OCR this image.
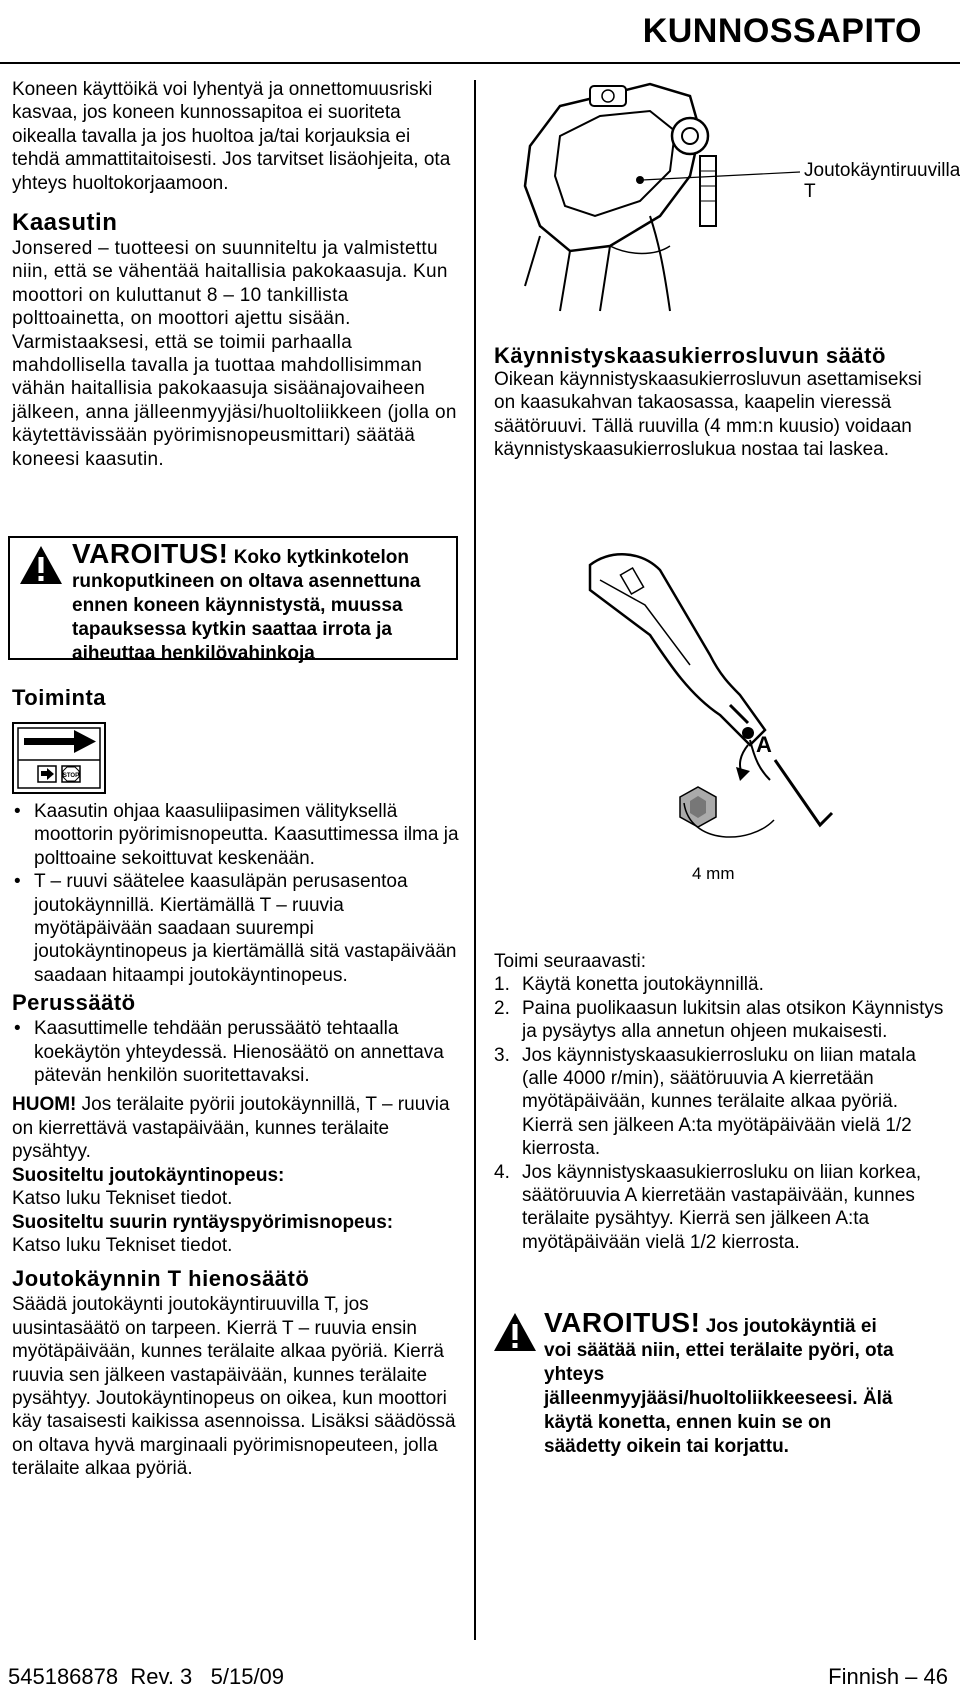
KUNNOSSAPITO

Koneen käyttöikä voi lyhentyä ja onnettomuusriski kasvaa, jos koneen kunnossapitoa ei suoriteta oikealla tavalla ja jos huoltoa ja/tai korjauksia ei tehdä ammattitaitoisesti. Jos tarvitset lisäohjeita, ota yhteys huoltokorjaamoon.

Kaasutin

Jonsered – tuotteesi on suunniteltu ja valmistettu niin, että se vähentää haitallisia pakokaasuja. Kun moottori on kuluttanut 8 – 10 tankillista polttoainetta, on moottori ajettu sisään. Varmistaaksesi, että se toimii parhaalla mahdollisella tavalla ja tuottaa mahdollisimman vähän haitallisia pakokaasuja sisäänajovaiheen jälkeen, anna jälleenmyyjäsi/huoltoliikkeen (jolla on käytettävissään pyörimisnopeusmittari) säätää koneesi kaasutin.

VAROITUS! Koko kytkinkotelon runkoputkineen on oltava asennettuna ennen koneen käynnistystä, muussa tapauksessa kytkin saattaa irrota ja aiheuttaa henkilövahinkoja
Toiminta
STOP
• Kaasutin ohjaa kaasuliipasimen välityksellä moottorin pyörimisnopeutta. Kaasuttimessa ilma ja polttoaine sekoittuvat keskenään.
• T – ruuvi säätelee kaasuläpän perusasentoa joutokäynnillä. Kiertämällä T – ruuvia myötäpäivään saadaan suurempi joutokäyntinopeus ja kiertämällä sitä vastapäivään saadaan hitaampi joutokäyntinopeus.
Perussäätö
• Kaasuttimelle tehdään perussäätö tehtaalla koekäytön yhteydessä. Hienosäätö on annettava pätevän henkilön suoritettavaksi.

HUOM! Jos terälaite pyörii joutokäynnillä, T – ruuvia on kierrettävä vastapäivään, kunnes terälaite pysähtyy.

Suositeltu joutokäyntinopeus:

Katso luku Tekniset tiedot.

Suositeltu suurin ryntäyspyörimisnopeus:

Katso luku Tekniset tiedot.

Joutokäynnin T hienosäätö

Säädä joutokäynti joutokäyntiruuvilla T, jos uusintasäätö on tarpeen. Kierrä T – ruuvia ensin myötäpäivään, kunnes terälaite alkaa pyöriä. Kierrä ruuvia sen jälkeen vastapäivään, kunnes terälaite pysähtyy. Joutokäyntinopeus on oikea, kun moottori käy tasaisesti kaikissa asennoissa. Lisäksi säädössä on oltava hyvä marginaali pyörimisnopeuteen, jolla terälaite alkaa pyöriä.

Joutokäyntiruuvilla T
Käynnistyskaasukierrosluvun säätö

Oikean käynnistyskaasukierrosluvun asettamiseksi on kaasukahvan takaosassa, kaapelin vieressä säätöruuvi. Tällä ruuvilla (4 mm:n kuusio) voidaan käynnistyskaasukierroslukua nostaa tai laskea.

A
4 mm

Toimi seuraavasti:

1. Käytä konetta joutokäynnillä.
2. Paina puolikaasun lukitsin alas otsikon Käynnistys ja pysäytys alla annetun ohjeen mukaisesti.
3. Jos käynnistyskaasukierrosluku on liian matala (alle 4000 r/min), säätöruuvia A kierretään myötäpäivään, kunnes terälaite alkaa pyöriä. Kierrä sen jälkeen A:ta myötäpäivään vielä 1/2 kierrosta.
4. Jos käynnistyskaasukierrosluku on liian korkea, säätöruuvia A kierretään vastapäivään, kunnes terälaite pysähtyy. Kierrä sen jälkeen A:ta myötäpäivään vielä 1/2 kierrosta.
VAROITUS! Jos joutokäyntiä ei voi säätää niin, ettei terälaite pyöri, ota yhteys jälleenmyyjääsi/huoltoliikkeeseesi. Älä käytä konetta, ennen kuin se on säädetty oikein tai korjattu.
545186878  Rev. 3   5/15/09	Finnish – 46
